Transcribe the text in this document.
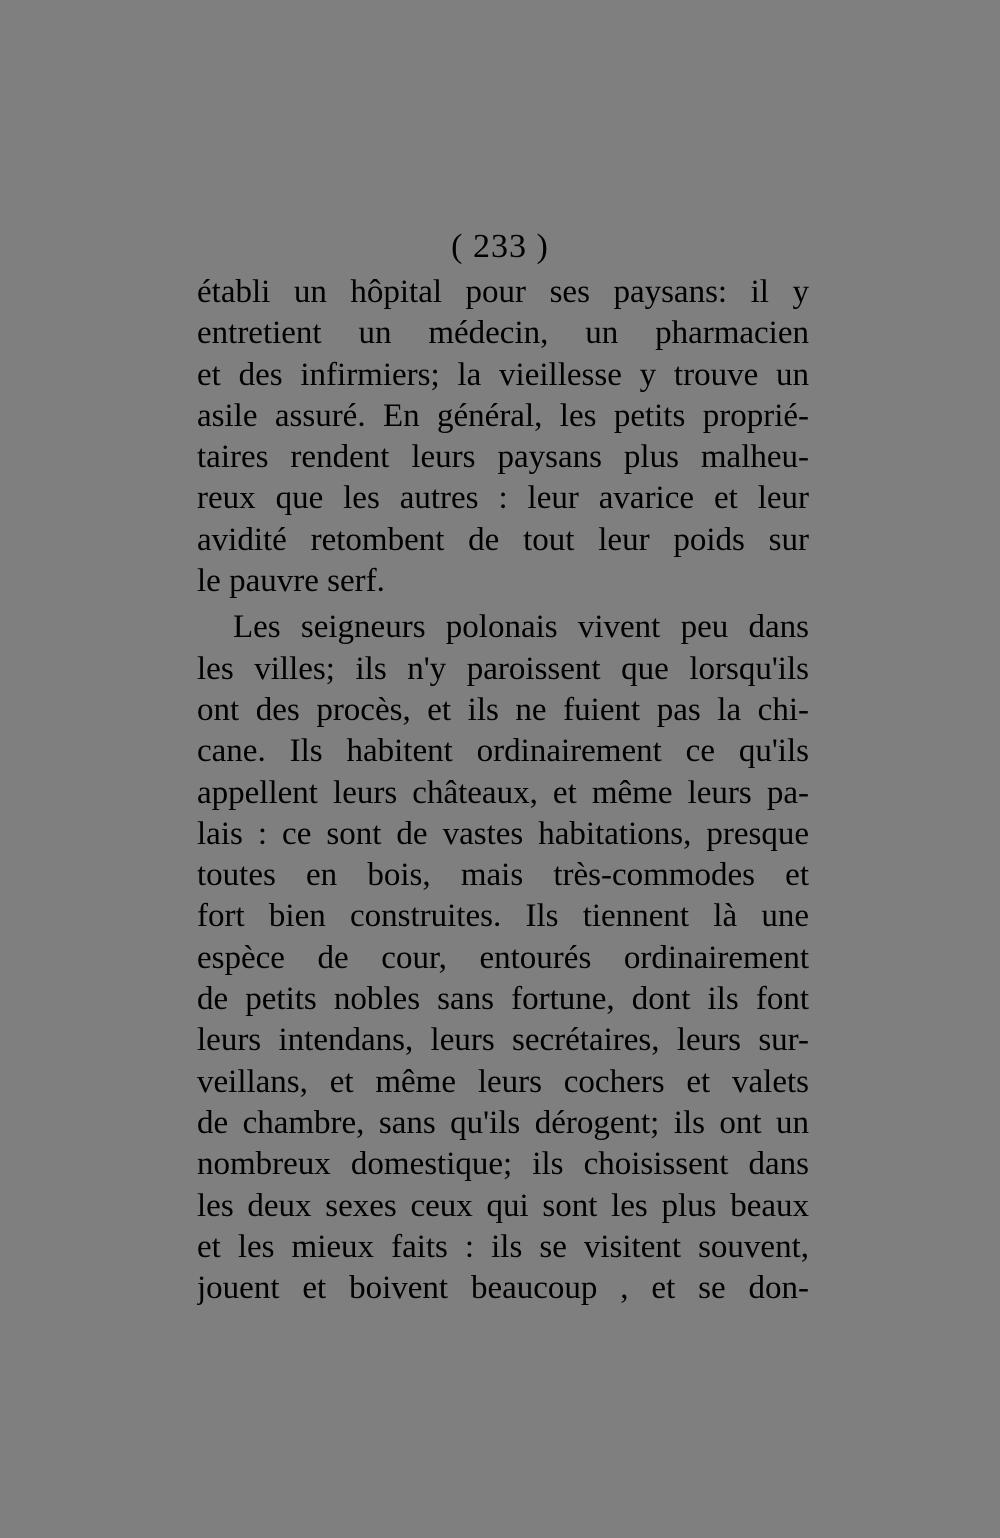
( 233 )
établi un hôpital pour ses paysans: il y
entretient un médecin, un pharmacien
et des infirmiers; la vieillesse y trouve un
asile assuré. En général, les petits proprié-
taires rendent leurs paysans plus malheu-
reux que les autres : leur avarice et leur
avidité retombent de tout leur poids sur
le pauvre serf.
Les seigneurs polonais vivent peu dans
les villes; ils n'y paroissent que lorsqu'ils
ont des procès, et ils ne fuient pas la chi-
cane. Ils habitent ordinairement ce qu'ils
appellent leurs châteaux, et même leurs pa-
lais : ce sont de vastes habitations, presque
toutes en bois, mais très-commodes et
fort bien construites. Ils tiennent là une
espèce de cour, entourés ordinairement
de petits nobles sans fortune, dont ils font
leurs intendans, leurs secrétaires, leurs sur-
veillans, et même leurs cochers et valets
de chambre, sans qu'ils dérogent; ils ont un
nombreux domestique; ils choisissent dans
les deux sexes ceux qui sont les plus beaux
et les mieux faits : ils se visitent souvent,
jouent et boivent beaucoup , et se don-
